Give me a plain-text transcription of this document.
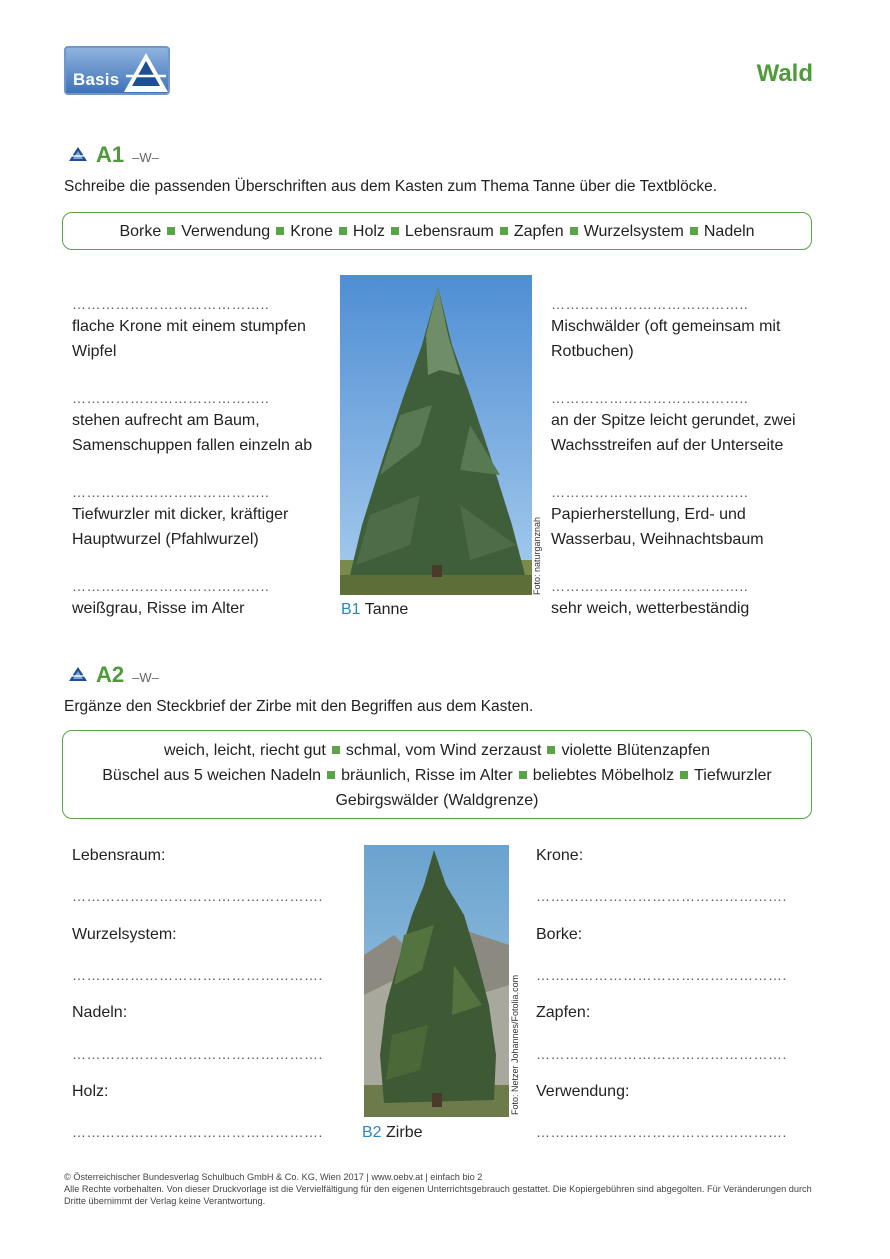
Basis	Wald
A1 –W–
Schreibe die passenden Überschriften aus dem Kasten zum Thema Tanne über die Textblöcke.
Borke Verwendung Krone Holz Lebensraum Zapfen Wurzelsystem Nadeln
…………………………………..
flache Krone mit einem stumpfen
Wipfel
…………………………………..
stehen aufrecht am Baum,
Samenschuppen fallen einzeln ab
…………………………………..
Tiefwurzler mit dicker, kräftiger
Hauptwurzel (Pfahlwurzel)
…………………………………..
weißgrau, Risse im Alter
Foto: naturganznah
B1 Tanne
…………………………………..
Mischwälder (oft gemeinsam mit
Rotbuchen)
…………………………………..
an der Spitze leicht gerundet, zwei
Wachsstreifen auf der Unterseite
…………………………………..
Papierherstellung, Erd- und
Wasserbau, Weihnachtsbaum
…………………………………..
sehr weich, wetterbeständig
A2 –W–
Ergänze den Steckbrief der Zirbe mit den Begriffen aus dem Kasten.
weich, leicht, riecht gut schmal, vom Wind zerzaust violette Blütenzapfen
Büschel aus 5 weichen Nadeln bräunlich, Risse im Alter beliebtes Möbelholz Tiefwurzler
Gebirgswälder (Waldgrenze)
Lebensraum:
…………………………………………….
Wurzelsystem:
…………………………………………….
Nadeln:
…………………………………………….
Holz:
…………………………………………….
Foto: Netzer Johannes/Fotolia.com
B2 Zirbe
Krone:
…………………………………………….
Borke:
…………………………………………….
Zapfen:
…………………………………………….
Verwendung:
…………………………………………….
© Österreichischer Bundesverlag Schulbuch GmbH & Co. KG, Wien 2017 | www.oebv.at | einfach bio 2
Alle Rechte vorbehalten. Von dieser Druckvorlage ist die Vervielfältigung für den eigenen Unterrichtsgebrauch gestattet. Die Kopiergebühren sind abgegolten. Für Veränderungen durch Dritte übernimmt der Verlag keine Verantwortung.
